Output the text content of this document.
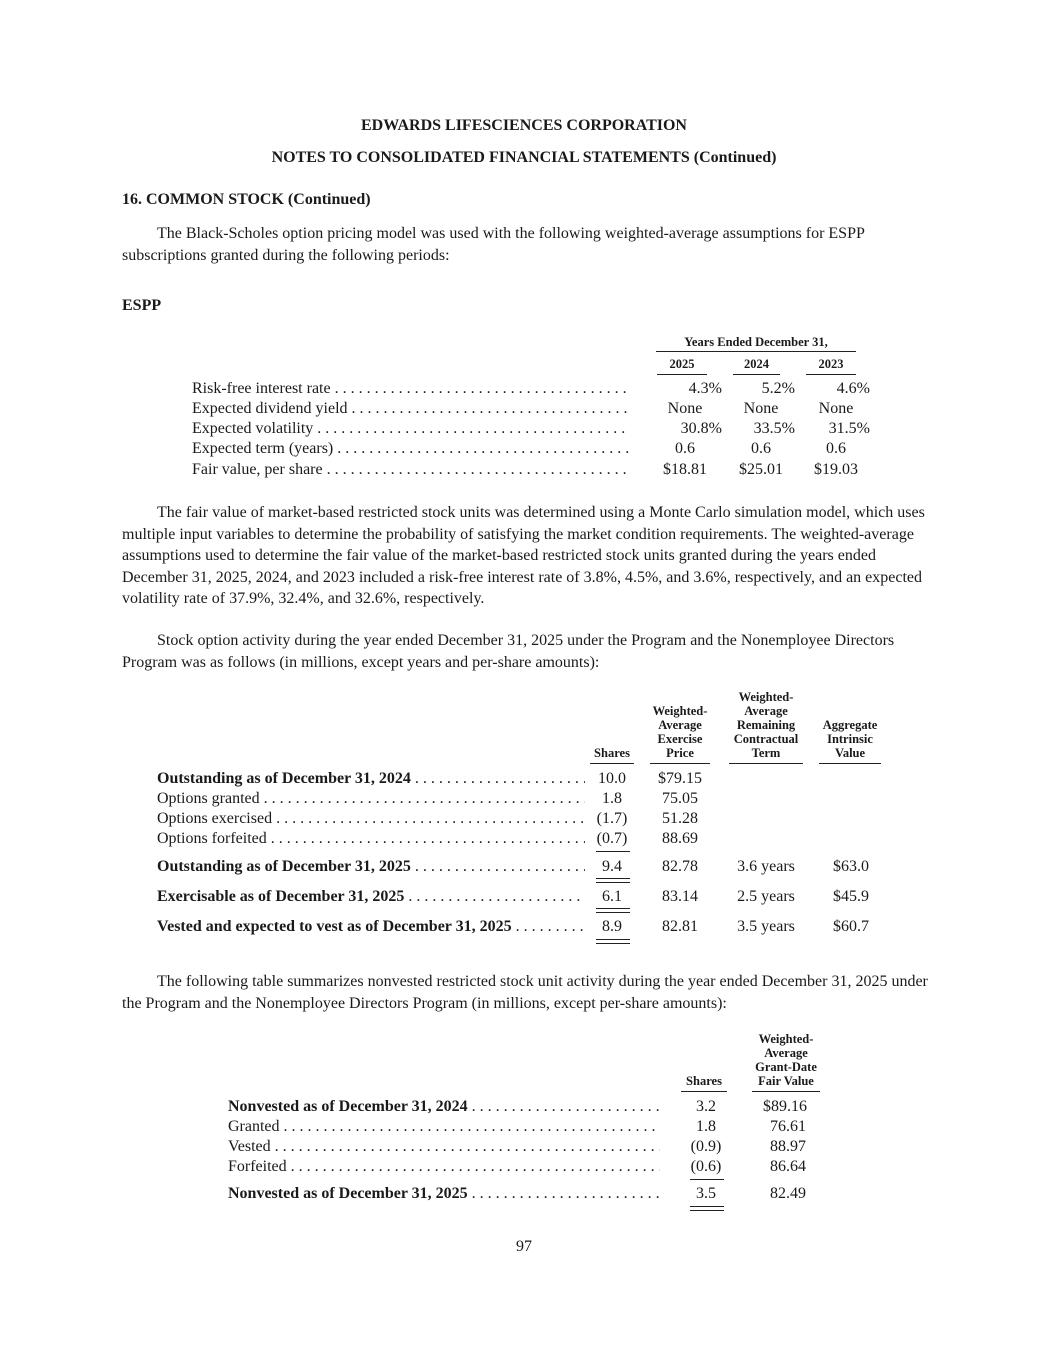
EDWARDS LIFESCIENCES CORPORATION
NOTES TO CONSOLIDATED FINANCIAL STATEMENTS (Continued)
16. COMMON STOCK (Continued)
The Black-Scholes option pricing model was used with the following weighted-average assumptions for ESPP subscriptions granted during the following periods:
ESPP
Years Ended December 31,
2025	2024	2023
Risk-free interest rate . . .	4.3%	5.2%	4.6%
Expected dividend yield . . .	None	None	None
Expected volatility . . .	30.8%	33.5%	31.5%
Expected term (years) . . .	0.6	0.6	0.6
Fair value, per share . . .	$18.81	$25.01	$19.03
The fair value of market-based restricted stock units was determined using a Monte Carlo simulation model, which uses multiple input variables to determine the probability of satisfying the market condition requirements. The weighted-average assumptions used to determine the fair value of the market-based restricted stock units granted during the years ended December 31, 2025, 2024, and 2023 included a risk-free interest rate of 3.8%, 4.5%, and 3.6%, respectively, and an expected volatility rate of 37.9%, 32.4%, and 32.6%, respectively.
Stock option activity during the year ended December 31, 2025 under the Program and the Nonemployee Directors Program was as follows (in millions, except years and per-share amounts):
Shares
Weighted-
Average
Exercise
Price
Weighted-
Average
Remaining
Contractual
Term
Aggregate
Intrinsic
Value
Outstanding as of December 31, 2024 . . .	10.0	$79.15
Options granted . . .	1.8	75.05
Options exercised . . .	(1.7)	51.28
Options forfeited . . .	(0.7)	88.69
Outstanding as of December 31, 2025 . . .	9.4	82.78	3.6 years	$63.0
Exercisable as of December 31, 2025 . . .	6.1	83.14	2.5 years	$45.9
Vested and expected to vest as of December 31, 2025 . . .	8.9	82.81	3.5 years	$60.7
The following table summarizes nonvested restricted stock unit activity during the year ended December 31, 2025 under the Program and the Nonemployee Directors Program (in millions, except per-share amounts):
Shares
Weighted-
Average
Grant-Date
Fair Value
Nonvested as of December 31, 2024 . . .	3.2	$89.16
Granted . . .	1.8	76.61
Vested . . .	(0.9)	88.97
Forfeited . . .	(0.6)	86.64
Nonvested as of December 31, 2025 . . .	3.5	82.49
97
